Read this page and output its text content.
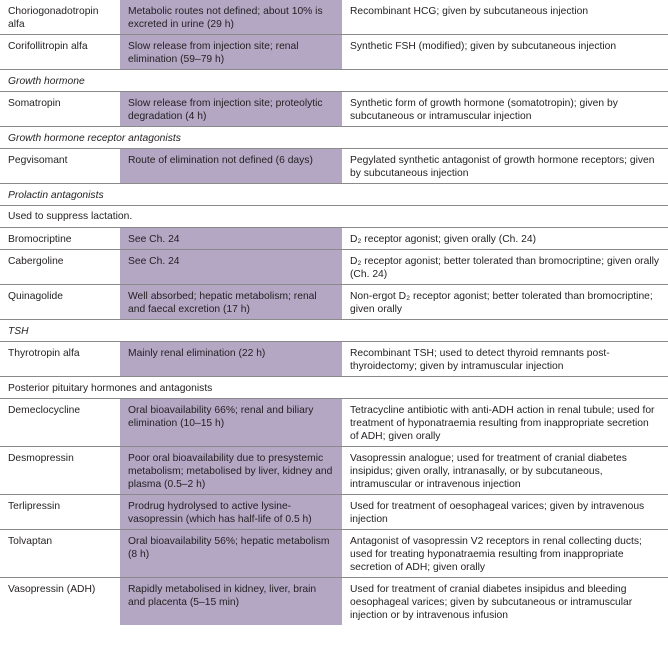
Choriogonadotropin alfa	Metabolic routes not defined; about 10% is excreted in urine (29 h)	Recombinant HCG; given by subcutaneous injection
Corifollitropin alfa	Slow release from injection site; renal elimination (59–79 h)	Synthetic FSH (modified); given by subcutaneous injection
Growth hormone		
Somatropin	Slow release from injection site; proteolytic degradation (4 h)	Synthetic form of growth hormone (somatotropin); given by subcutaneous or intramuscular injection
Growth hormone receptor antagonists		
Pegvisomant	Route of elimination not defined (6 days)	Pegylated synthetic antagonist of growth hormone receptors; given by subcutaneous injection
Prolactin antagonists		
Used to suppress lactation.		
Bromocriptine	See Ch. 24	D₂ receptor agonist; given orally (Ch. 24)
Cabergoline	See Ch. 24	D₂ receptor agonist; better tolerated than bromocriptine; given orally (Ch. 24)
Quinagolide	Well absorbed; hepatic metabolism; renal and faecal excretion (17 h)	Non-ergot D₂ receptor agonist; better tolerated than bromocriptine; given orally
TSH		
Thyrotropin alfa	Mainly renal elimination (22 h)	Recombinant TSH; used to detect thyroid remnants post-thyroidectomy; given by intramuscular injection
Posterior pituitary hormones and antagonists		
Demeclocycline	Oral bioavailability 66%; renal and biliary elimination (10–15 h)	Tetracycline antibiotic with anti-ADH action in renal tubule; used for treatment of hyponatraemia resulting from inappropriate secretion of ADH; given orally
Desmopressin	Poor oral bioavailability due to presystemic metabolism; metabolised by liver, kidney and plasma (0.5–2 h)	Vasopressin analogue; used for treatment of cranial diabetes insipidus; given orally, intranasally, or by subcutaneous, intramuscular or intravenous injection
Terlipressin	Prodrug hydrolysed to active lysine-vasopressin (which has half-life of 0.5 h)	Used for treatment of oesophageal varices; given by intravenous injection
Tolvaptan	Oral bioavailability 56%; hepatic metabolism (8 h)	Antagonist of vasopressin V2 receptors in renal collecting ducts; used for treating hyponatraemia resulting from inappropriate secretion of ADH; given orally
Vasopressin (ADH)	Rapidly metabolised in kidney, liver, brain and placenta (5–15 min)	Used for treatment of cranial diabetes insipidus and bleeding oesophageal varices; given by subcutaneous or intramuscular injection or by intravenous infusion
